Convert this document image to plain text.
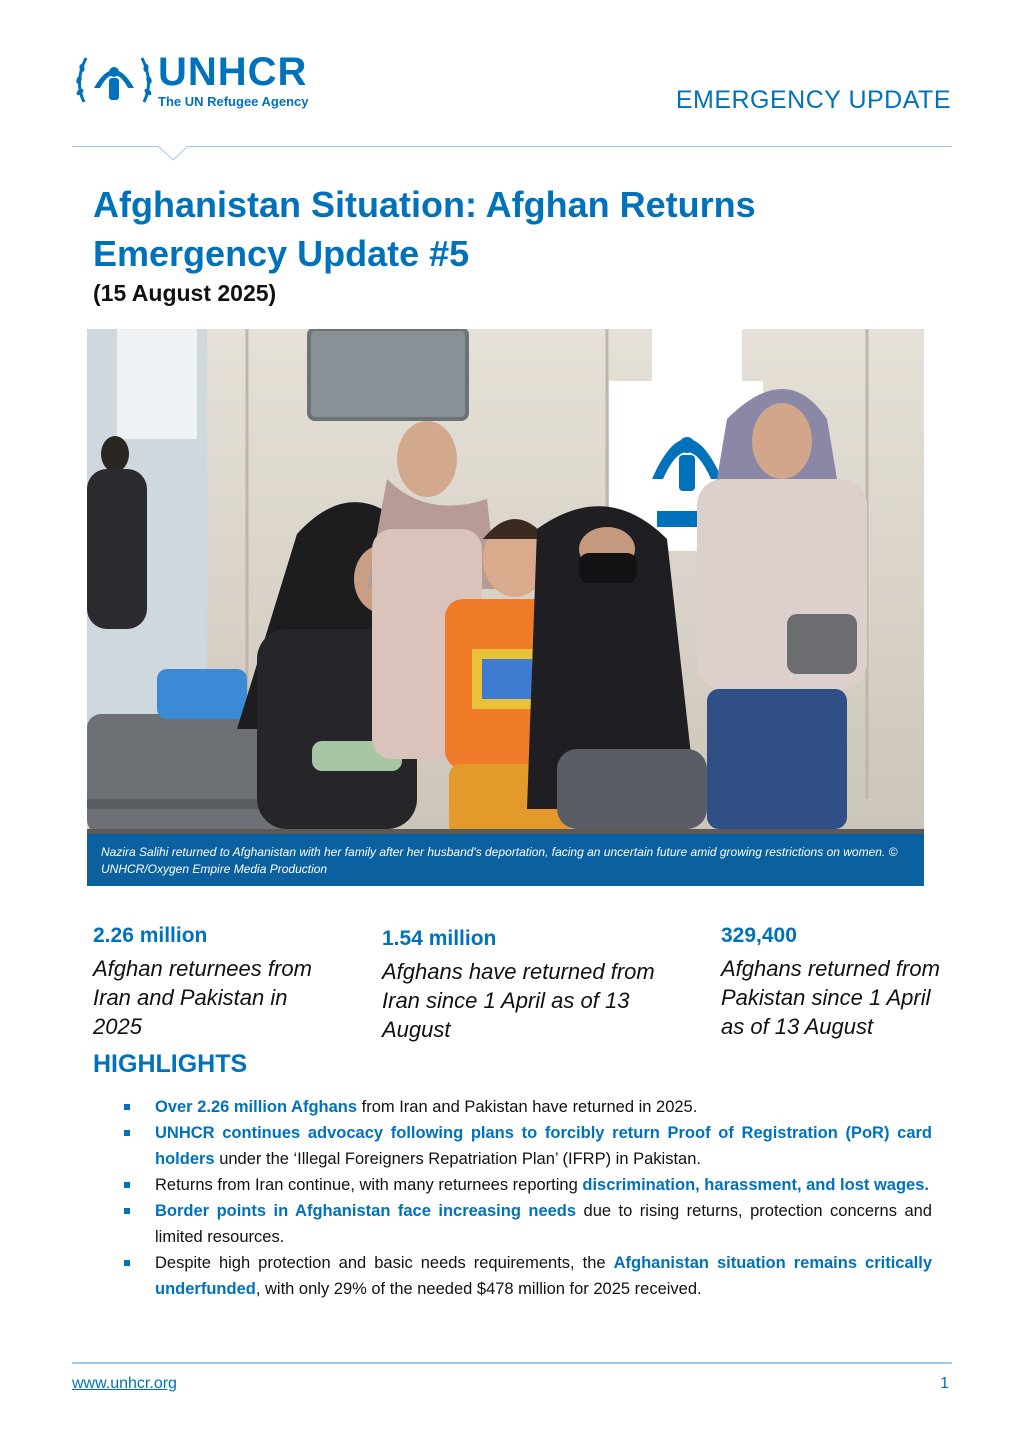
UNHCR
The UN Refugee Agency	EMERGENCY UPDATE
Afghanistan Situation: Afghan Returns
Emergency Update #5
(15 August 2025)
Nazira Salihi returned to Afghanistan with her family after her husband's deportation, facing an uncertain future amid growing restrictions on women. © UNHCR/Oxygen Empire Media Production
2.26 million
Afghan returnees from Iran and Pakistan in 2025
1.54 million
Afghans have returned from Iran since 1 April as of 13 August
329,400
Afghans returned from Pakistan since 1 April as of 13 August
HIGHLIGHTS
Over 2.26 million Afghans from Iran and Pakistan have returned in 2025.
UNHCR continues advocacy following plans to forcibly return Proof of Registration (PoR) card holders under the ‘Illegal Foreigners Repatriation Plan’ (IFRP) in Pakistan.
Returns from Iran continue, with many returnees reporting discrimination, harassment, and lost wages.
Border points in Afghanistan face increasing needs due to rising returns, protection concerns and limited resources.
Despite high protection and basic needs requirements, the Afghanistan situation remains critically underfunded, with only 29% of the needed $478 million for 2025 received.
www.unhcr.org	1
